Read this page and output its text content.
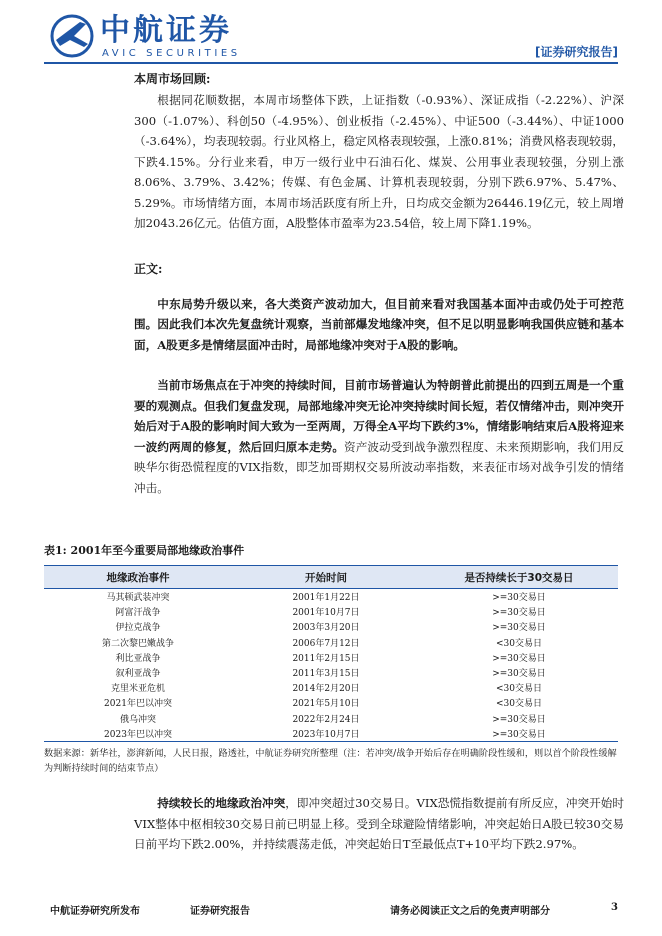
AVIC
中航证券
AVIC SECURITIES	[证券研究报告]
本周市场回顾:

根据同花顺数据，本周市场整体下跌，上证指数（-0.93%）、深证成指（-2.22%）、沪深300（-1.07%）、科创50（-4.95%）、创业板指（-2.45%）、中证500（-3.44%）、中证1000（-3.64%），均表现较弱。行业风格上，稳定风格表现较强，上涨0.81%；消费风格表现较弱，下跌4.15%。分行业来看，申万一级行业中石油石化、煤炭、公用事业表现较强，分别上涨8.06%、3.79%、3.42%；传媒、有色金属、计算机表现较弱，分别下跌6.97%、5.47%、5.29%。市场情绪方面，本周市场活跃度有所上升，日均成交金额为26446.19亿元，较上周增加2043.26亿元。估值方面，A股整体市盈率为23.54倍，较上周下降1.19%。

正文:

中东局势升级以来，各大类资产波动加大，但目前来看对我国基本面冲击或仍处于可控范围。因此我们本次先复盘统计观察，当前部爆发地缘冲突，但不足以明显影响我国供应链和基本面，A股更多是情绪层面冲击时，局部地缘冲突对于A股的影响。

当前市场焦点在于冲突的持续时间，目前市场普遍认为特朗普此前提出的四到五周是一个重要的观测点。但我们复盘发现，局部地缘冲突无论冲突持续时间长短，若仅情绪冲击，则冲突开始后对于A股的影响时间大致为一至两周，万得全A平均下跌约3%，情绪影响结束后A股将迎来一波约两周的修复，然后回归原本走势。资产波动受到战争激烈程度、未来预期影响，我们用反映华尔街恐慌程度的VIX指数，即芝加哥期权交易所波动率指数，来表征市场对战争引发的情绪冲击。

表1: 2001年至今重要局部地缘政治事件
地缘政治事件	开始时间	是否持续长于30交易日
马其顿武装冲突	2001年1月22日	>=30交易日
阿富汗战争	2001年10月7日	>=30交易日
伊拉克战争	2003年3月20日	>=30交易日
第二次黎巴嫩战争	2006年7月12日	<30交易日
利比亚战争	2011年2月15日	>=30交易日
叙利亚战争	2011年3月15日	>=30交易日
克里米亚危机	2014年2月20日	<30交易日
2021年巴以冲突	2021年5月10日	<30交易日
俄乌冲突	2022年2月24日	>=30交易日
2023年巴以冲突	2023年10月7日	>=30交易日
数据来源：新华社，澎湃新闻，人民日报，路透社，中航证券研究所整理（注：若冲突/战争开始后存在明确阶段性缓和，则以首个阶段性缓解为判断持续时间的结束节点）

持续较长的地缘政治冲突，即冲突超过30交易日。VIX恐慌指数提前有所反应，冲突开始时VIX整体中枢相较30交易日前已明显上移。受到全球避险情绪影响，冲突起始日A股已较30交易日前平均下跌2.00%，并持续震荡走低，冲突起始日T至最低点T+10平均下跌2.97%。

中航证券研究所发布	证券研究报告	请务必阅读正文之后的免责声明部分	3
